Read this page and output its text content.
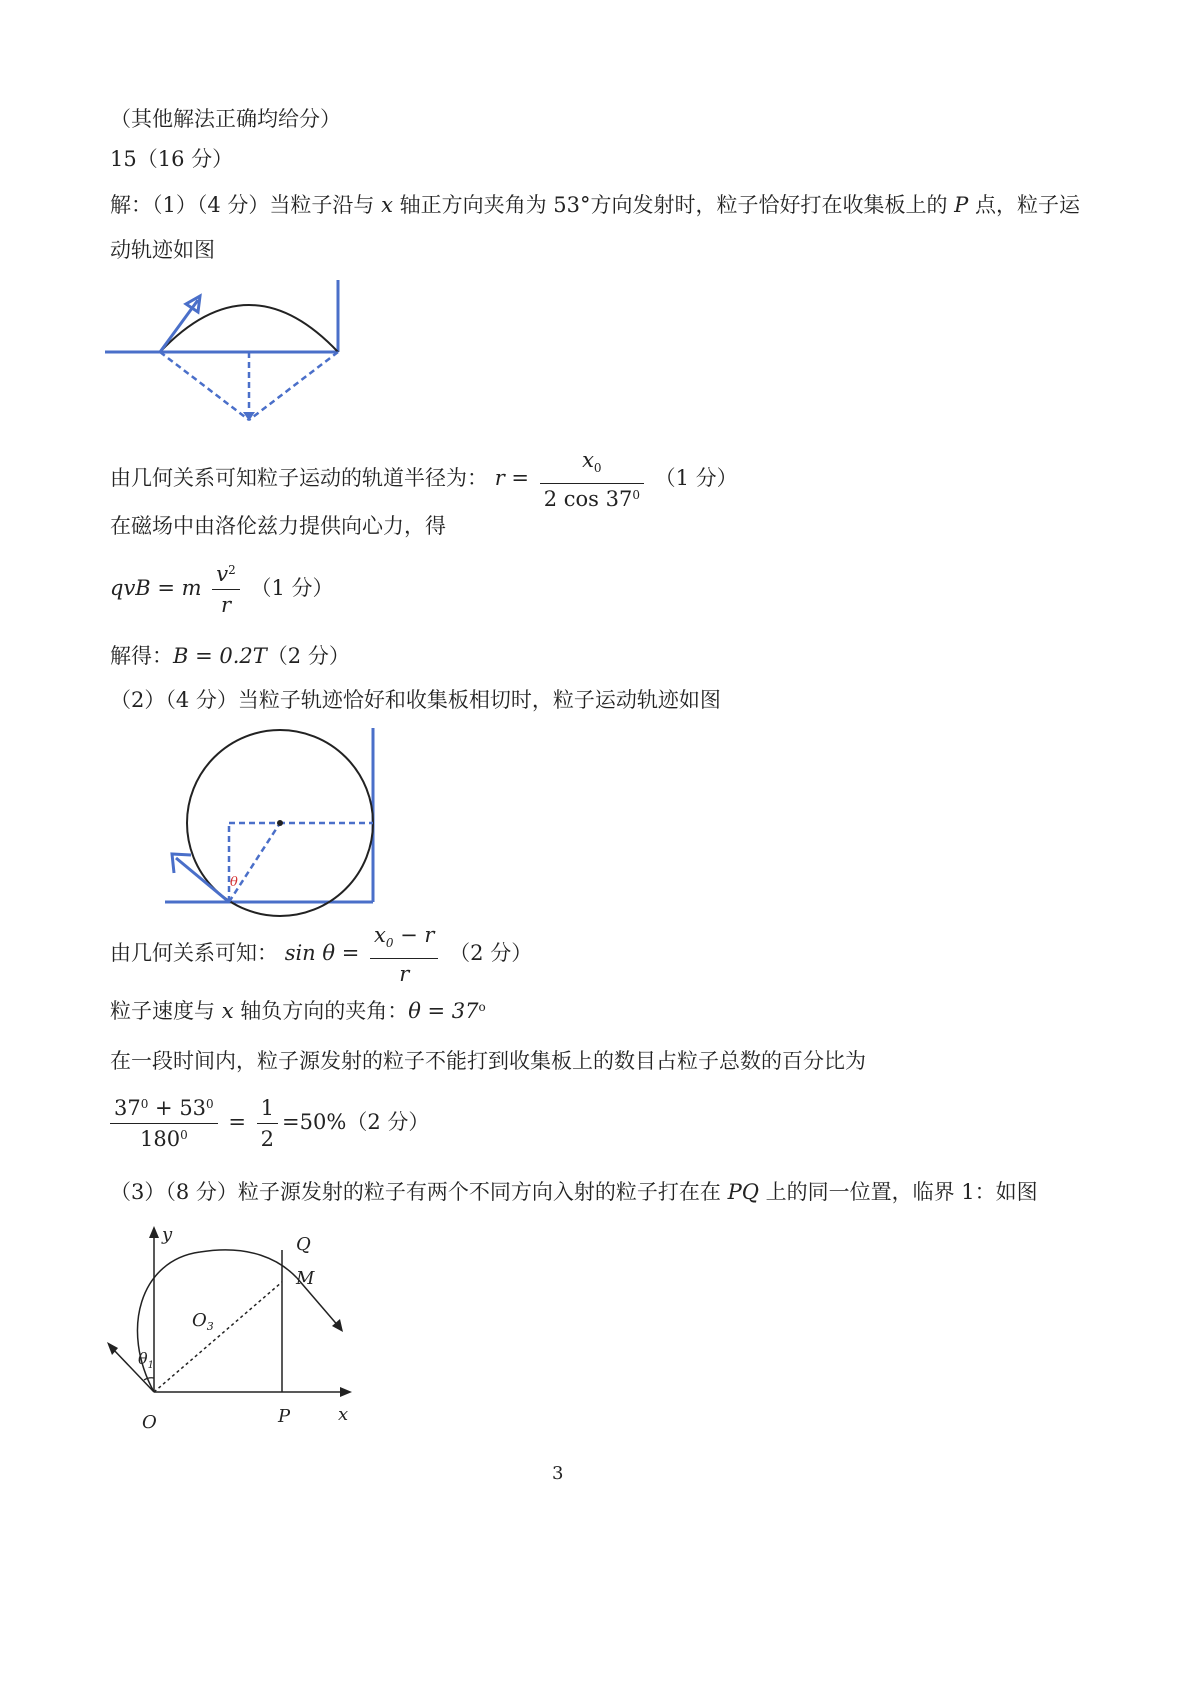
（其他解法正确均给分）
15（16 分）
解：（1）（4 分）当粒子沿与 x 轴正方向夹角为 53°方向发射时，粒子恰好打在收集板上的 P 点，粒子运
动轨迹如图
由几何关系可知粒子运动的轨道半径为： $r = \frac{x_0}{2 \cos 37^0} (1$ 分）
在磁场中由洛伦兹力提供向心力，得
qvB = m $\frac{v^2}{r} (1$ 分）
解得：B = 0.2T（2 分）
（2）（4 分）当粒子轨迹恰好和收集板相切时，粒子运动轨迹如图
θ
由几何关系可知： $\sin \theta = \frac{x_0 - r}{r} (2$ 分）
粒子速度与 x 轴负方向的夹角：$\theta = 37^o$
在一段时间内，粒子源发射的粒子不能打到收集板上的数目占粒子总数的百分比为
$\frac{37^0 + 53^0}{180^0} = \frac{1}{2} =50\%(2$ 分）
（3）（8 分）粒子源发射的粒子有两个不同方向入射的粒子打在在 PQ 上的同一位置，临界 1：如图
y	Q
M
$O_3$
$\theta_1$
O	P	x
3
